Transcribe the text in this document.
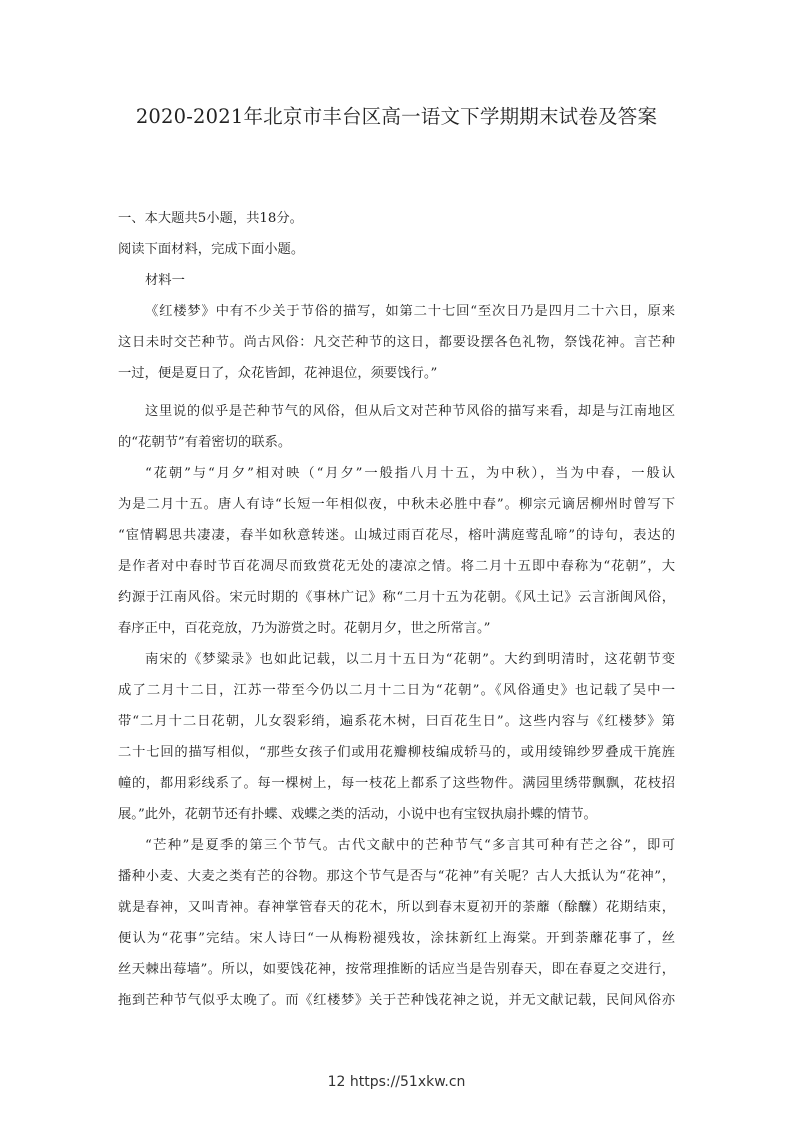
2020-2021年北京市丰台区高一语文下学期期末试卷及答案
一、本大题共5小题，共18分。
阅读下面材料，完成下面小题。
材料一
《红楼梦》中有不少关于节俗的描写，如第二十七回“至次日乃是四月二十六日，原来
这日未时交芒种节。尚古风俗：凡交芒种节的这日，都要设摆各色礼物，祭饯花神。言芒种
一过，便是夏日了，众花皆卸，花神退位，须要饯行。”
这里说的似乎是芒种节气的风俗，但从后文对芒种节风俗的描写来看，却是与江南地区
的“花朝节”有着密切的联系。
“花朝”与“月夕”相对映（“月夕”一般指八月十五，为中秋），当为中春，一般认
为是二月十五。唐人有诗“长短一年相似夜，中秋未必胜中春”。柳宗元谪居柳州时曾写下
“宦情羁思共凄凄，春半如秋意转迷。山城过雨百花尽，榕叶满庭莺乱啼”的诗句，表达的
是作者对中春时节百花凋尽而致赏花无处的凄凉之情。将二月十五即中春称为“花朝”，大
约源于江南风俗。宋元时期的《事林广记》称“二月十五为花朝。《风土记》云言浙闽风俗，
春序正中，百花竞放，乃为游赏之时。花朝月夕，世之所常言。”
南宋的《梦粱录》也如此记载，以二月十五日为“花朝”。大约到明清时，这花朝节变
成了二月十二日，江苏一带至今仍以二月十二日为“花朝”。《风俗通史》也记载了吴中一
带“二月十二日花朝，儿女裂彩绡，遍系花木树，曰百花生日”。这些内容与《红楼梦》第
二十七回的描写相似，“那些女孩子们或用花瓣柳枝编成轿马的，或用绫锦纱罗叠成干旄旌
幢的，都用彩线系了。每一棵树上，每一枝花上都系了这些物件。满园里绣带飘飘，花枝招
展。”此外，花朝节还有扑蝶、戏蝶之类的活动，小说中也有宝钗执扇扑蝶的情节。
“芒种”是夏季的第三个节气。古代文献中的芒种节气“多言其可种有芒之谷”，即可
播种小麦、大麦之类有芒的谷物。那这个节气是否与“花神”有关呢？古人大抵认为“花神”，
就是春神，又叫青神。春神掌管春天的花木，所以到春末夏初开的荼蘼（酴醾）花期结束，
便认为“花事”完结。宋人诗曰“一从梅粉褪残妆，涂抹新红上海棠。开到荼蘼花事了，丝
丝天棘出莓墙”。所以，如要饯花神，按常理推断的话应当是告别春天，即在春夏之交进行，
拖到芒种节气似乎太晚了。而《红楼梦》关于芒种饯花神之说，并无文献记载，民间风俗亦
12 https://51xkw.cn
